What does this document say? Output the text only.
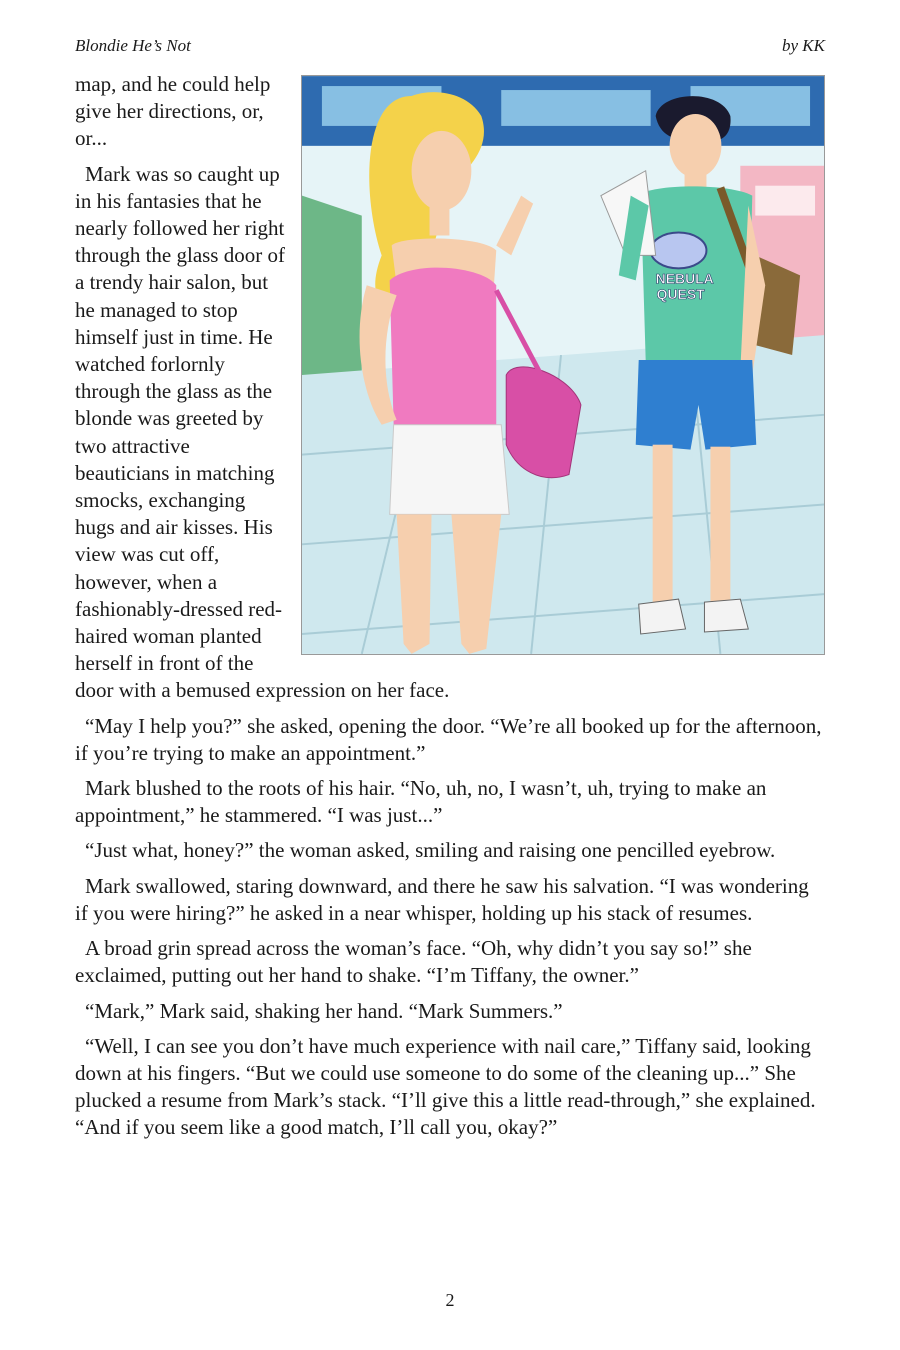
Blondie He’s Not	by KK
NEBULA
QUEST

map, and he could help give her directions, or, or...

Mark was so caught up in his fantasies that he nearly followed her right through the glass door of a trendy hair salon, but he managed to stop himself just in time. He watched forlornly through the glass as the blonde was greeted by two attractive beauticians in matching smocks, exchanging hugs and air kisses. His view was cut off, however, when a fashionably-dressed red-haired woman planted herself in front of the door with a bemused expression on her face.

“May I help you?” she asked, opening the door. “We’re all booked up for the afternoon, if you’re trying to make an appointment.”

Mark blushed to the roots of his hair. “No, uh, no, I wasn’t, uh, trying to make an appointment,” he stammered. “I was just...”

“Just what, honey?” the woman asked, smiling and raising one pencilled eyebrow.

Mark swallowed, staring downward, and there he saw his salvation. “I was wondering if you were hiring?” he asked in a near whisper, holding up his stack of resumes.

A broad grin spread across the woman’s face. “Oh, why didn’t you say so!” she exclaimed, putting out her hand to shake. “I’m Tiffany, the owner.”

“Mark,” Mark said, shaking her hand. “Mark Summers.”

“Well, I can see you don’t have much experience with nail care,” Tiffany said, looking down at his fingers. “But we could use someone to do some of the cleaning up...” She plucked a resume from Mark’s stack. “I’ll give this a little read-through,” she explained. “And if you seem like a good match, I’ll call you, okay?”

2
